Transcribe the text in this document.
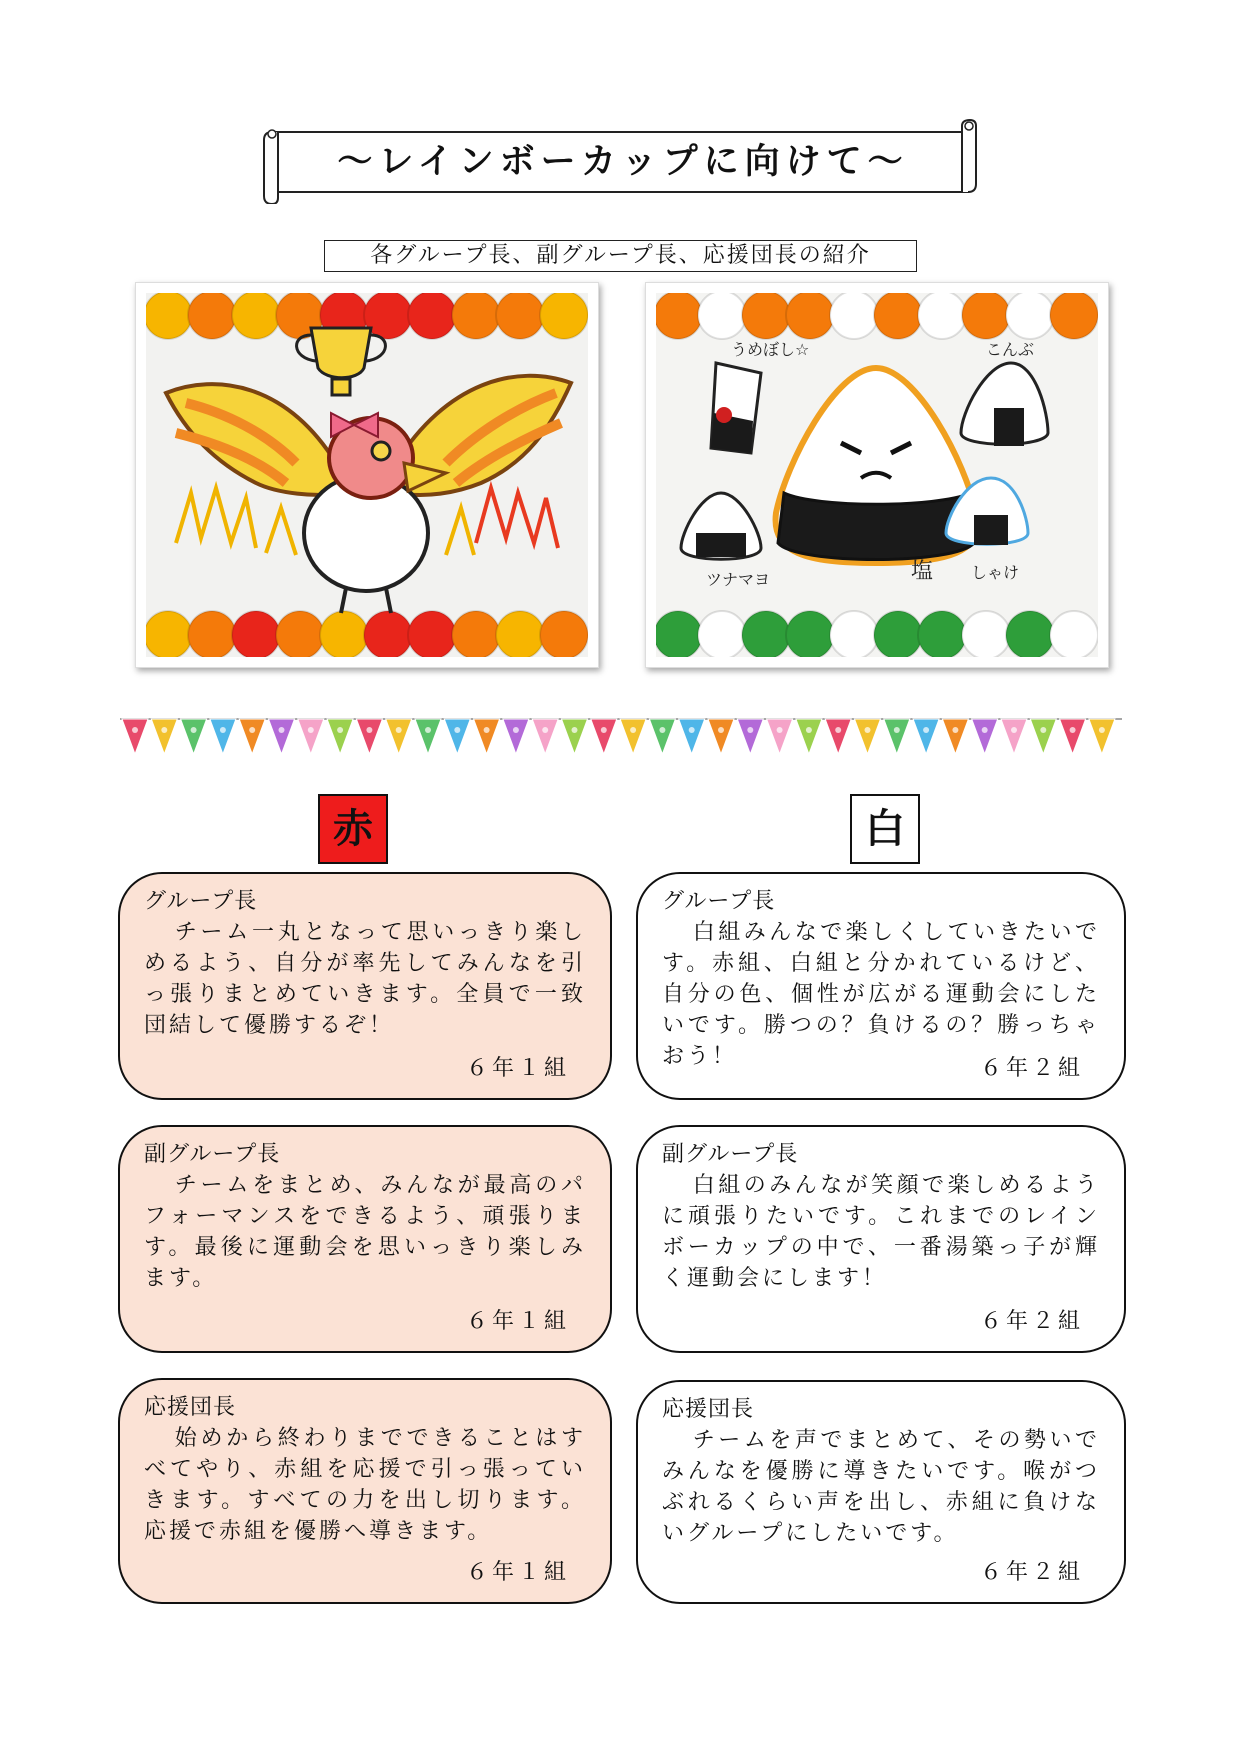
～レインボーカップに向けて～
各グループ長、副グループ長、応援団長の紹介
うめぼし☆	こんぶ
ツナマヨ	塩 しゃけ
赤	白
グループ長
チーム一丸となって思いっきり楽しめるよう、自分が率先してみんなを引っ張りまとめていきます。全員で一致団結して優勝するぞ！
６年１組
副グループ長
チームをまとめ、みんなが最高のパフォーマンスをできるよう、頑張ります。最後に運動会を思いっきり楽しみます。
６年１組
応援団長
始めから終わりまでできることはすべてやり、赤組を応援で引っ張っていきます。すべての力を出し切ります。応援で赤組を優勝へ導きます。
６年１組
グループ長
白組みんなで楽しくしていきたいです。赤組、白組と分かれているけど、自分の色、個性が広がる運動会にしたいです。勝つの？負けるの？勝っちゃおう！	６年２組
副グループ長
白組のみんなが笑顔で楽しめるように頑張りたいです。これまでのレインボーカップの中で、一番湯築っ子が輝く運動会にします！
６年２組
応援団長
チームを声でまとめて、その勢いでみんなを優勝に導きたいです。喉がつぶれるくらい声を出し、赤組に負けないグループにしたいです。
６年２組
